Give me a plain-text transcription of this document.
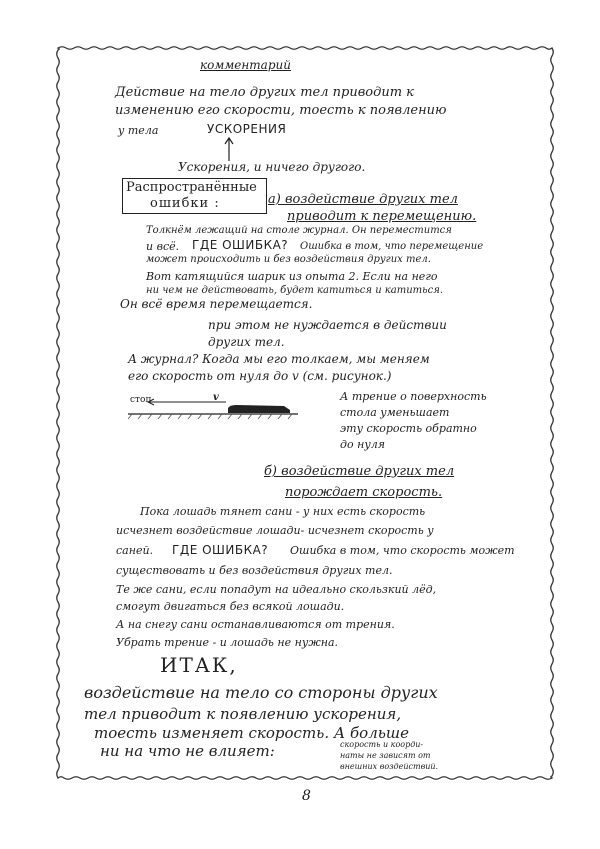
комментарий
Действие на тело других тел приводит к
изменению его скорости, тоесть к появлению
у тела	УСКОРЕНИЯ
Ускорения, и ничего другого.
Распространённые
ошибки :	а) воздействие других тел
приводит к перемещению.
Толкнём лежащий на столе журнал. Он переместится
и всё. ГДЕ ОШИБКА? Ошибка в том, что перемещение
может происходить и без воздействия других тел.
Вот катящийся шарик из опыта 2. Если на него
ни чем не действовать, будет катиться и катиться.
Он всё время перемещается.
при этом не нуждается в действии
других тел.
А журнал? Когда мы его толкаем, мы меняем
его скорость от нуля до v (см. рисунок.)
стоп	v	А трение о поверхность
стола уменьшает
эту скорость обратно
до нуля
б) воздействие других тел
порождает скорость.
Пока лошадь тянет сани - у них есть скорость
исчезнет воздействие лошади- исчезнет скорость у
саней. ГДЕ ОШИБКА? Ошибка в том, что скорость может
существовать и без воздействия других тел.
Те же сани, если попадут на идеально скользкий лёд,
смогут двигаться без всякой лошади.
А на снегу сани останавливаются от трения.
Убрать трение - и лошадь не нужна.
ИТАК,
воздействие на тело со стороны других
тел приводит к появлению ускорения,
тоесть изменяет скорость. А больше
ни на что не влияет:	скорость и коорди-
наты не зависят от
внешних воздействий.
8
